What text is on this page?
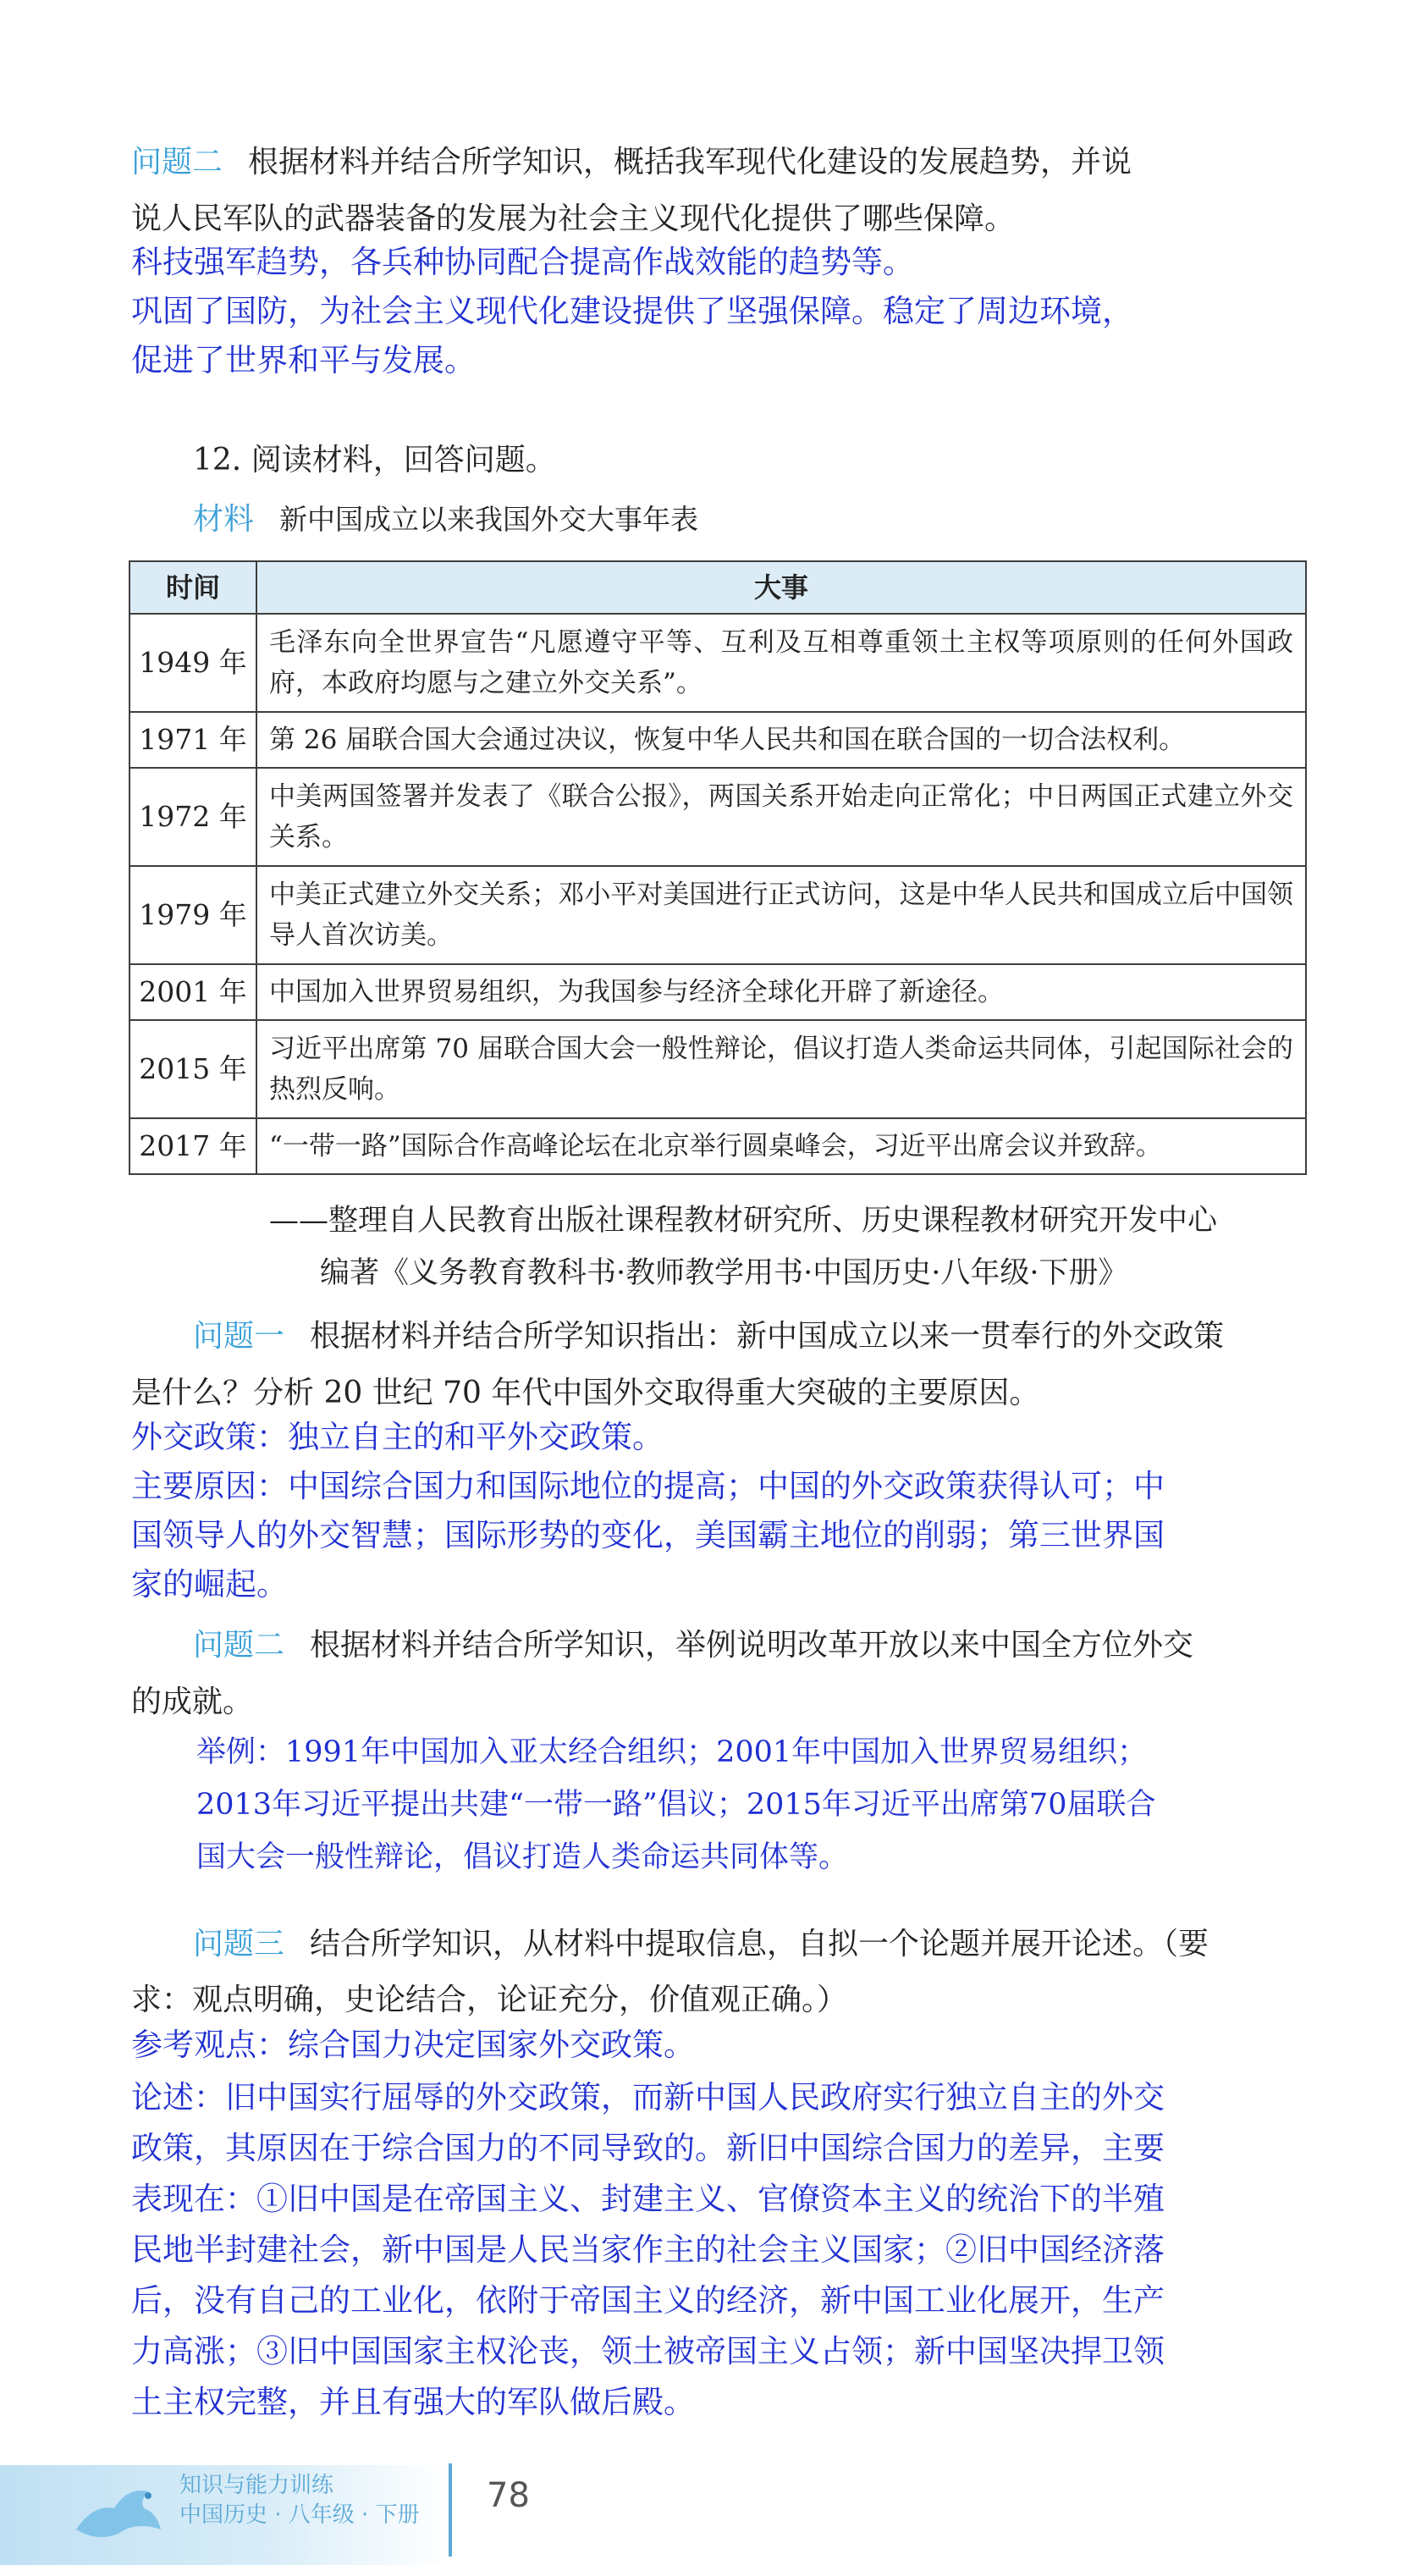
问题二 根据材料并结合所学知识，概括我军现代化建设的发展趋势，并说
说人民军队的武器装备的发展为社会主义现代化提供了哪些保障。
科技强军趋势，各兵种协同配合提高作战效能的趋势等。
巩固了国防，为社会主义现代化建设提供了坚强保障。稳定了周边环境，
促进了世界和平与发展。
12. 阅读材料，回答问题。
材料 新中国成立以来我国外交大事年表
时间	大事
1949 年	毛泽东向全世界宣告“凡愿遵守平等、互利及互相尊重领土主权等项原则的任何外国政府，本政府均愿与之建立外交关系”。
1971 年	第 26 届联合国大会通过决议，恢复中华人民共和国在联合国的一切合法权利。
1972 年	中美两国签署并发表了《联合公报》，两国关系开始走向正常化；中日两国正式建立外交关系。
1979 年	中美正式建立外交关系；邓小平对美国进行正式访问，这是中华人民共和国成立后中国领导人首次访美。
2001 年	中国加入世界贸易组织，为我国参与经济全球化开辟了新途径。
2015 年	习近平出席第 70 届联合国大会一般性辩论，倡议打造人类命运共同体，引起国际社会的热烈反响。
2017 年	“一带一路”国际合作高峰论坛在北京举行圆桌峰会，习近平出席会议并致辞。
——整理自人民教育出版社课程教材研究所、历史课程教材研究开发中心
编著《义务教育教科书·教师教学用书·中国历史·八年级·下册》
问题一 根据材料并结合所学知识指出：新中国成立以来一贯奉行的外交政策
是什么？分析 20 世纪 70 年代中国外交取得重大突破的主要原因。
外交政策：独立自主的和平外交政策。
主要原因：中国综合国力和国际地位的提高；中国的外交政策获得认可；中
国领导人的外交智慧；国际形势的变化，美国霸主地位的削弱；第三世界国
家的崛起。
问题二 根据材料并结合所学知识，举例说明改革开放以来中国全方位外交
的成就。
举例：1991年中国加入亚太经合组织；2001年中国加入世界贸易组织；
2013年习近平提出共建“一带一路”倡议；2015年习近平出席第70届联合
国大会一般性辩论，倡议打造人类命运共同体等。
问题三 结合所学知识，从材料中提取信息，自拟一个论题并展开论述。（要
求：观点明确，史论结合，论证充分，价值观正确。）
参考观点：综合国力决定国家外交政策。
论述：旧中国实行屈辱的外交政策，而新中国人民政府实行独立自主的外交
政策，其原因在于综合国力的不同导致的。新旧中国综合国力的差异，主要
表现在：①旧中国是在帝国主义、封建主义、官僚资本主义的统治下的半殖
民地半封建社会，新中国是人民当家作主的社会主义国家；②旧中国经济落
后，没有自己的工业化，依附于帝国主义的经济，新中国工业化展开，生产
力高涨；③旧中国国家主权沦丧，领土被帝国主义占领；新中国坚决捍卫领
土主权完整，并且有强大的军队做后殿。
知识与能力训练
中国历史 · 八年级 · 下册 78
